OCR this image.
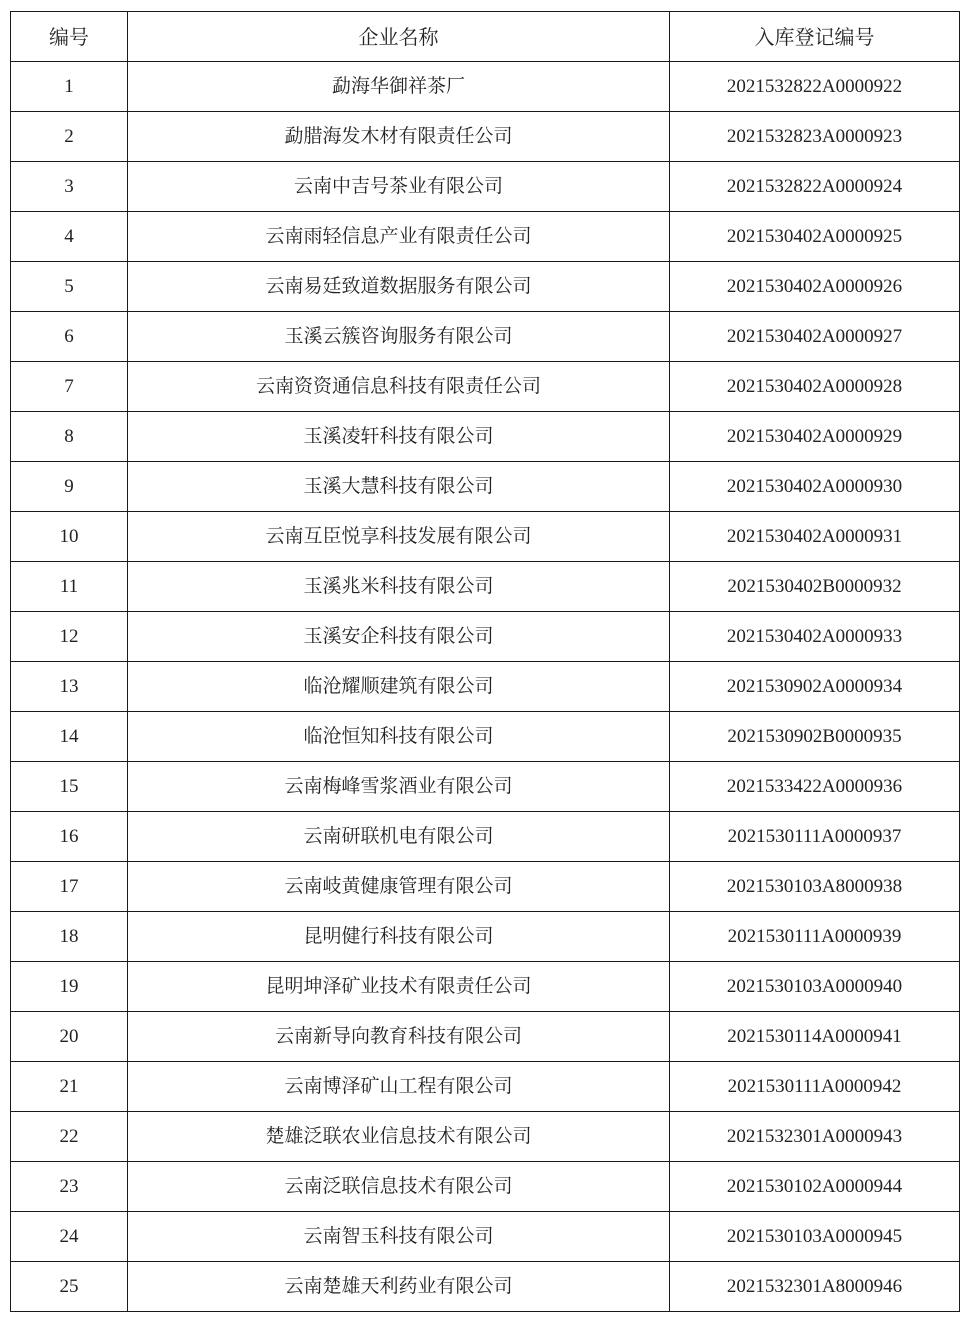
编号	企业名称	入库登记编号
1	勐海华御祥茶厂	2021532822A0000922
2	勐腊海发木材有限责任公司	2021532823A0000923
3	云南中吉号茶业有限公司	2021532822A0000924
4	云南雨轻信息产业有限责任公司	2021530402A0000925
5	云南易廷致道数据服务有限公司	2021530402A0000926
6	玉溪云簇咨询服务有限公司	2021530402A0000927
7	云南资资通信息科技有限责任公司	2021530402A0000928
8	玉溪凌轩科技有限公司	2021530402A0000929
9	玉溪大慧科技有限公司	2021530402A0000930
10	云南互臣悦享科技发展有限公司	2021530402A0000931
11	玉溪兆米科技有限公司	2021530402B0000932
12	玉溪安企科技有限公司	2021530402A0000933
13	临沧耀顺建筑有限公司	2021530902A0000934
14	临沧恒知科技有限公司	2021530902B0000935
15	云南梅峰雪浆酒业有限公司	2021533422A0000936
16	云南研联机电有限公司	2021530111A0000937
17	云南岐黄健康管理有限公司	2021530103A8000938
18	昆明健行科技有限公司	2021530111A0000939
19	昆明坤泽矿业技术有限责任公司	2021530103A0000940
20	云南新导向教育科技有限公司	2021530114A0000941
21	云南博泽矿山工程有限公司	2021530111A0000942
22	楚雄泛联农业信息技术有限公司	2021532301A0000943
23	云南泛联信息技术有限公司	2021530102A0000944
24	云南智玉科技有限公司	2021530103A0000945
25	云南楚雄天利药业有限公司	2021532301A8000946
